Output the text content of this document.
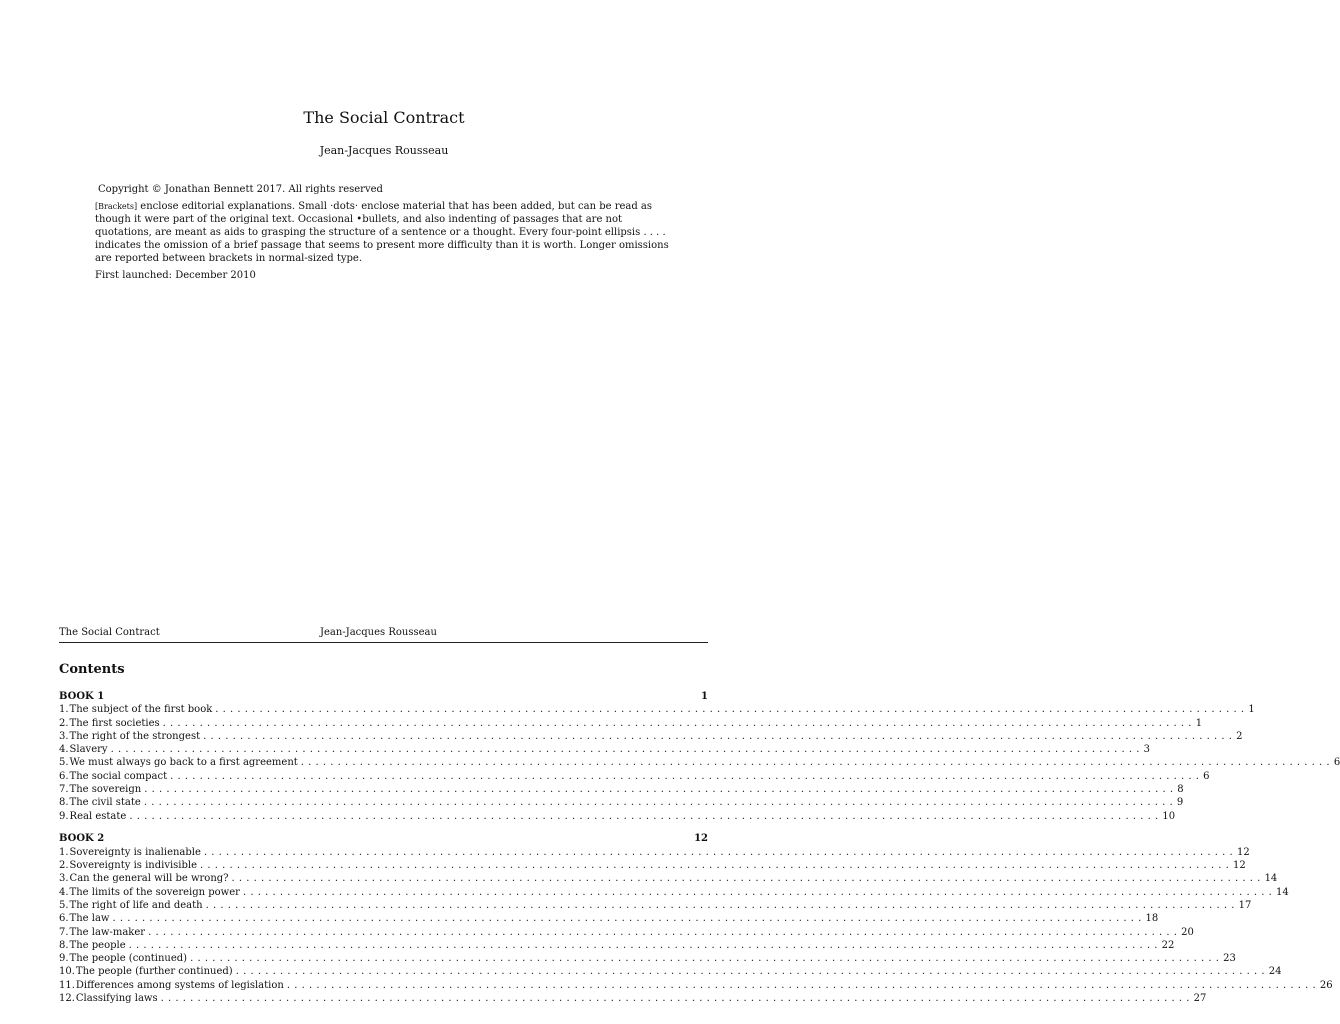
The Social Contract
Jean-Jacques Rousseau
Copyright © Jonathan Bennett 2017. All rights reserved

[Brackets] enclose editorial explanations. Small ·dots· enclose material that has been added, but can be read as though it were part of the original text. Occasional •bullets, and also indenting of passages that are not quotations, are meant as aids to grasping the structure of a sentence or a thought. Every four-point ellipsis . . . . indicates the omission of a brief passage that seems to present more difficulty than it is worth. Longer omissions are reported between brackets in normal-sized type.

First launched: December 2010
The Social Contract	Jean-Jacques Rousseau
Contents
BOOK 1	1
1. The subject of the first book ............................................................................................................................................ 1
2. The first societies ............................................................................................................................................ 1
3. The right of the strongest ............................................................................................................................................ 2
4. Slavery ............................................................................................................................................ 3
5. We must always go back to a first agreement ............................................................................................................................................ 6
6. The social compact ............................................................................................................................................ 6
7. The sovereign ............................................................................................................................................ 8
8. The civil state ............................................................................................................................................ 9
9. Real estate ............................................................................................................................................ 10
BOOK 2	12
1. Sovereignty is inalienable ............................................................................................................................................ 12
2. Sovereignty is indivisible ............................................................................................................................................ 12
3. Can the general will be wrong? ............................................................................................................................................ 14
4. The limits of the sovereign power ............................................................................................................................................ 14
5. The right of life and death ............................................................................................................................................ 17
6. The law ............................................................................................................................................ 18
7. The law-maker ............................................................................................................................................ 20
8. The people ............................................................................................................................................ 22
9. The people (continued) ............................................................................................................................................ 23
10. The people (further continued) ............................................................................................................................................ 24
11. Differences among systems of legislation ............................................................................................................................................ 26
12. Classifying laws ............................................................................................................................................ 27
